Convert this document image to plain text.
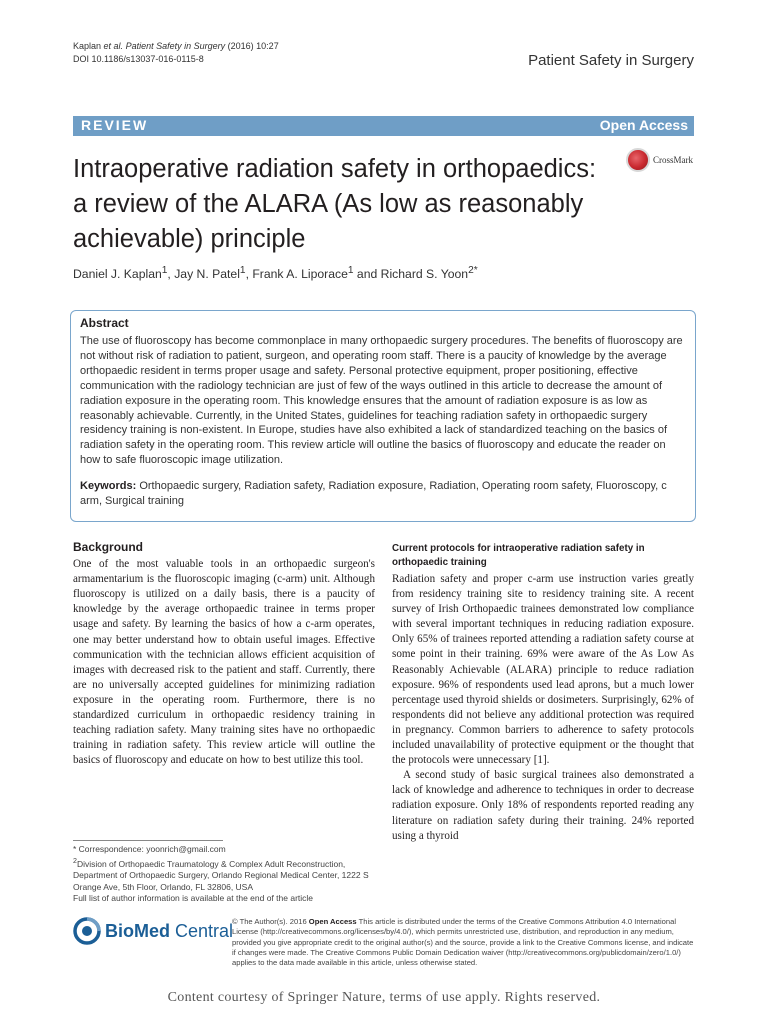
Kaplan et al. Patient Safety in Surgery (2016) 10:27
DOI 10.1186/s13037-016-0115-8	Patient Safety in Surgery
REVIEW	Open Access
Intraoperative radiation safety in orthopaedics: a review of the ALARA (As low as reasonably achievable) principle
CrossMark
Daniel J. Kaplan$^1$, Jay N. Patel$^1$, Frank A. Liporace$^1$ and Richard S. Yoon$^{2*}$
Abstract
The use of fluoroscopy has become commonplace in many orthopaedic surgery procedures. The benefits of fluoroscopy are not without risk of radiation to patient, surgeon, and operating room staff. There is a paucity of knowledge by the average orthopaedic resident in terms proper usage and safety. Personal protective equipment, proper positioning, effective communication with the radiology technician are just of few of the ways outlined in this article to decrease the amount of radiation exposure in the operating room. This knowledge ensures that the amount of radiation exposure is as low as reasonably achievable. Currently, in the United States, guidelines for teaching radiation safety in orthopaedic surgery residency training is non-existent. In Europe, studies have also exhibited a lack of standardized teaching on the basics of radiation safety in the operating room. This review article will outline the basics of fluoroscopy and educate the reader on how to safe fluoroscopic image utilization.
Keywords: Orthopaedic surgery, Radiation safety, Radiation exposure, Radiation, Operating room safety, Fluoroscopy, c arm, Surgical training
Background

One of the most valuable tools in an orthopaedic surgeon's armamentarium is the fluoroscopic imaging (c-arm) unit. Although fluoroscopy is utilized on a daily basis, there is a paucity of knowledge by the average orthopaedic trainee in terms proper usage and safety. By learning the basics of how a c-arm operates, one may better understand how to obtain useful images. Effective communication with the technician allows efficient acquisition of images with decreased risk to the patient and staff. Currently, there are no universally accepted guidelines for minimizing radiation exposure in the operating room. Furthermore, there is no standardized curriculum in orthopaedic residency training in teaching radiation safety. Many training sites have no orthopaedic training in radiation safety. This review article will outline the basics of fluoroscopy and educate on how to best utilize this tool.

Current protocols for intraoperative radiation safety in orthopaedic training

Radiation safety and proper c-arm use instruction varies greatly from residency training site to residency training site. A recent survey of Irish Orthopaedic trainees demonstrated low compliance with several important techniques in reducing radiation exposure. Only 65% of trainees reported attending a radiation safety course at some point in their training. 69% were aware of the As Low As Reasonably Achievable (ALARA) principle to reduce radiation exposure. 96% of respondents used lead aprons, but a much lower percentage used thyroid shields or dosimeters. Surprisingly, 62% of respondents did not believe any additional protection was required in pregnancy. Common barriers to adherence to safety protocols included unavailability of protective equipment or the thought that the protocols were unnecessary [1].

A second study of basic surgical trainees also demonstrated a lack of knowledge and adherence to techniques in order to decrease radiation exposure. Only 18% of respondents reported reading any literature on radiation safety during their training. 24% reported using a thyroid

* Correspondence: yoonrich@gmail.com
$^2$Division of Orthopaedic Traumatology & Complex Adult Reconstruction, Department of Orthopaedic Surgery, Orlando Regional Medical Center, 1222 S Orange Ave, 5th Floor, Orlando, FL 32806, USA
Full list of author information is available at the end of the article
BioMed Central
© The Author(s). 2016 Open Access This article is distributed under the terms of the Creative Commons Attribution 4.0 International License (http://creativecommons.org/licenses/by/4.0/), which permits unrestricted use, distribution, and reproduction in any medium, provided you give appropriate credit to the original author(s) and the source, provide a link to the Creative Commons license, and indicate if changes were made. The Creative Commons Public Domain Dedication waiver (http://creativecommons.org/publicdomain/zero/1.0/) applies to the data made available in this article, unless otherwise stated.
Content courtesy of Springer Nature, terms of use apply. Rights reserved.
